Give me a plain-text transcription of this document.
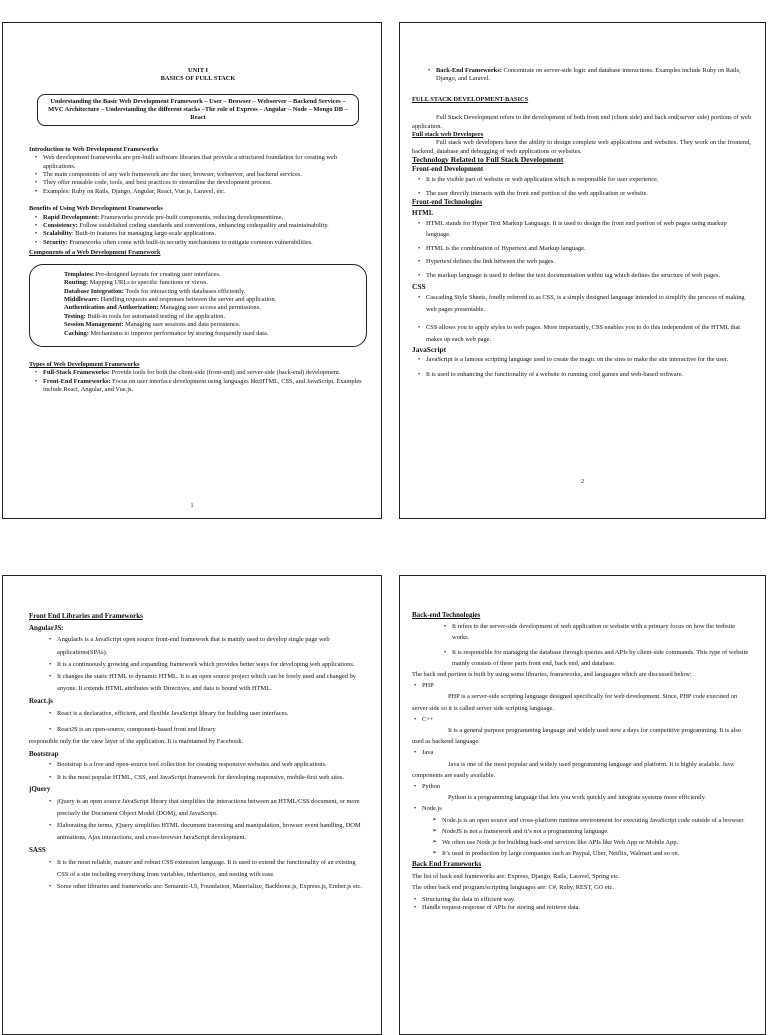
UNIT I

BASICS OF FULL STACK

Understanding the Basic Web Development Framework – User – Browser – Webserver – Backend Services – MVC Architecture – Understanding the different stacks –The role of Express – Angular – Node – Mongo DB – React

Introduction to Web Development Frameworks

• Web development frameworks are pre-built software libraries that provide a structured foundation for creating web applications.
• The main components of any web framework are the user, browser, webserver, and backend services.
• They offer reusable code, tools, and best practices to streamline the development process.
• Examples: Ruby on Rails, Django, Angular, React, Vue.js, Laravel, etc.

Benefits of Using Web Development Frameworks

• Rapid Development: Frameworks provide pre-built components, reducing developmenttime.
• Consistency: Follow established coding standards and conventions, enhancing codequality and maintainability.
• Scalability: Built-in features for managing large-scale applications.
• Security: Frameworks often come with built-in security mechanisms to mitigate common vulnerabilities.

Components of a Web Development Framework

Templates: Pre-designed layouts for creating user interfaces.

Routing: Mapping URLs to specific functions or views.

Database Integration: Tools for interacting with databases efficiently.

Middleware: Handling requests and responses between the server and application.

Authentication and Authorization: Managing user access and permissions.

Testing: Built-in tools for automated testing of the application.

Session Management: Managing user sessions and data persistence.

Caching: Mechanisms to improve performance by storing frequently used data.

Types of Web Development Frameworks

• Full-Stack Frameworks: Provide tools for both the client-side (front-end) and server-side (back-end) development.
• Front-End Frameworks: Focus on user interface development using languages likeHTML, CSS, and JavaScript. Examples include React, Angular, and Vue.js.
1
• Back-End Frameworks: Concentrate on server-side logic and database interactions. Examples include Ruby on Rails, Django, and Laravel.

FULL STACK DEVELOPMENT-BASICS

Full Stack Development refers to the development of both front end (client side) and back end(server side) portions of web application.

Full stack web Developers

Full stack web developers have the ability to design complete web applications and websites. They work on the frontend, backend, database and debugging of web applications or websites.

Technology Related to Full Stack Development

Front-end Development

• It is the visible part of website or web application which is responsible for user experience.
• The user directly interacts with the front end portion of the web application or website.

Front-end Technologies

HTML

• HTML stands for Hyper Text Markup Language. It is used to design the front end portion of web pages using markup language.
• HTML is the combination of Hypertext and Markup language.
• Hypertext defines the link between the web pages.
• The markup language is used to define the text documentation within tag which defines the structure of web pages.

CSS

• Cascading Style Sheets, fondly referred to as CSS, is a simply designed language intended to simplify the process of making web pages presentable.
• CSS allows you to apply styles to web pages. More importantly, CSS enables you to do this independent of the HTML that makes up each web page.

JavaScript

• JavaScript is a famous scripting language used to create the magic on the sites to make the site interactive for the user.
• It is used to enhancing the functionality of a website to running cool games and web-based software.
2

Front End Libraries and Frameworks

AngularJS:

• AngularJs is a JavaScript open source front-end framework that is mainly used to develop single page web applications(SPAs).
• It is a continuously growing and expanding framework which provides better ways for developing web applications.
• It changes the static HTML to dynamic HTML. It is an open source project which can be freely used and changed by anyone. It extends HTML attributes with Directives, and data is bound with HTML.

React.js

• React is a declarative, efficient, and flexible JavaScript library for building user interfaces.
• ReactJS is an open-source, component-based front end library

responsible only for the view layer of the application. It is maintained by Facebook.

Bootstrap

• Bootstrap is a free and open-source tool collection for creating responsive websites and web applications.
• It is the most popular HTML, CSS, and JavaScript framework for developing responsive, mobile-first web sites.

jQuery

• jQuery is an open source JavaScript library that simplifies the interactions between an HTML/CSS document, or more precisely the Document Object Model (DOM), and JavaScript.
• Elaborating the terms, jQuery simplifies HTML document traversing and manipulation, browser event handling, DOM animations, Ajax interactions, and cross-browser JavaScript development.

SASS

• It is the most reliable, mature and robust CSS extension language. It is used to extend the functionality of an existing CSS of a site including everything from variables, inheritance, and nesting with ease.
• Some other libraries and frameworks are: Semantic-UI, Foundation, Materialize, Backbone.js, Express.js, Ember.js etc.

Back-end Technologies

• It refers to the server-side development of web application or website with a primary focus on how the website works.
• It is responsible for managing the database through queries and APIs by client-side commands. This type of website mainly consists of three parts front end, back end, and database.

The back end portion is built by using some libraries, frameworks, and languages which are discussed below:

• PHP

PHP is a server-side scripting language designed specifically for web development. Since, PHP code executed on server side so it is called server side scripting language.

• C++

It is a general purpose programming language and widely used now a days for competitive programming. It is also used as backend language.

• Java

Java is one of the most popular and widely used programming language and platform. It is highly scalable. Java components are easily available.

• Python

Python is a programming language that lets you work quickly and integrate systems more efficiently.

• Node.js
➢ Node.js is an open source and cross-platform runtime environment for executing JavaScript code outside of a browser.
➢ NodeJS is not a framework and it’s not a programming language.
➢ We often use Node.js for building back-end services like APIs like Web App or Mobile App.
➢ It’s used in production by large companies such as Paypal, Uber, Netflix, Walmart and so on.

Back End Frameworks

The list of back end frameworks are: Express, Django, Rails, Laravel, Spring etc.

The other back end program/scripting languages are: C#, Ruby, REST, GO etc.

• Structuring the data in efficient way.
• Handle request-response of APIs for storing and retrieve data.
